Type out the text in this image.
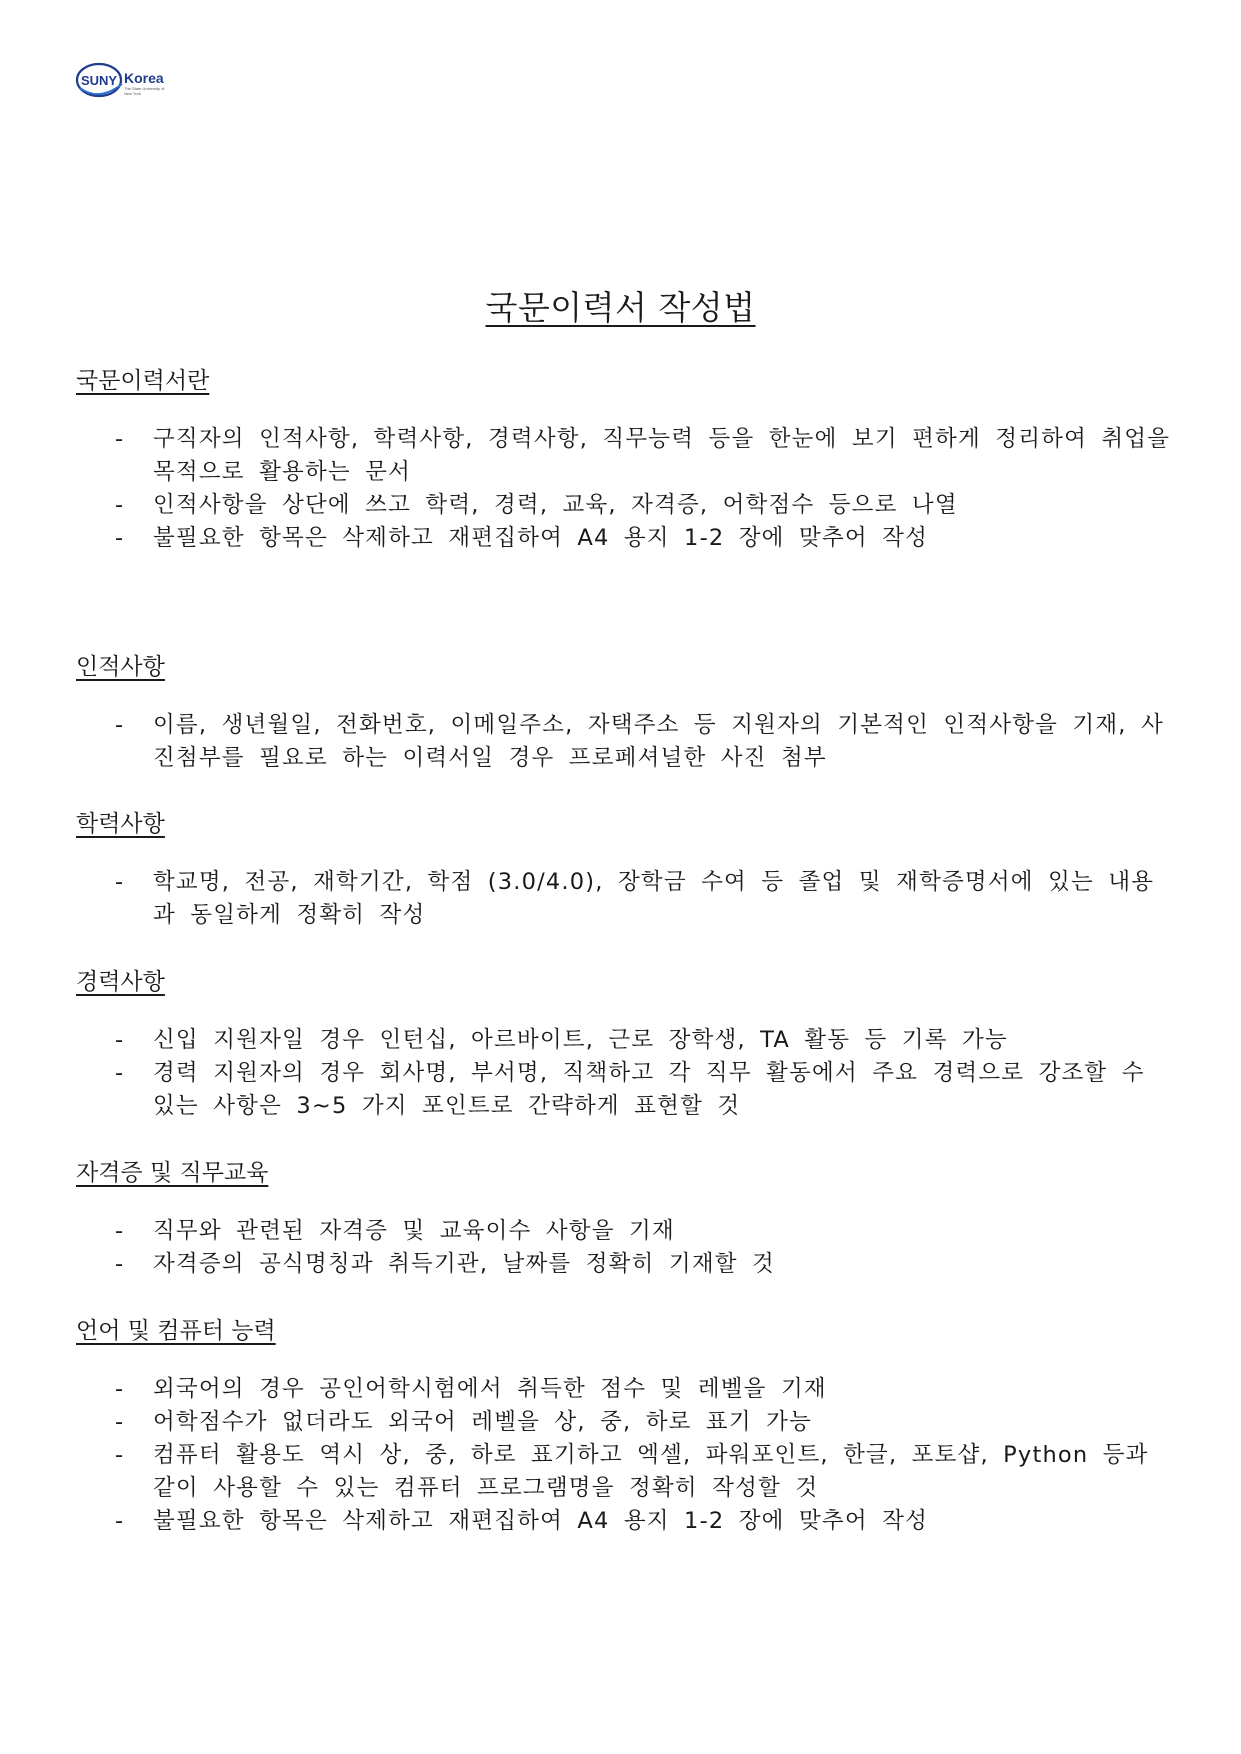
SUNY Korea
The State University of
New York
국문이력서 작성법
국문이력서란
- 구직자의 인적사항, 학력사항, 경력사항, 직무능력 등을 한눈에 보기 편하게 정리하여 취업을 목적으로 활용하는 문서
- 인적사항을 상단에 쓰고 학력, 경력, 교육, 자격증, 어학점수 등으로 나열
- 불필요한 항목은 삭제하고 재편집하여 A4 용지 1-2 장에 맞추어 작성
인적사항
- 이름, 생년월일, 전화번호, 이메일주소, 자택주소 등 지원자의 기본적인 인적사항을 기재, 사진첨부를 필요로 하는 이력서일 경우 프로페셔널한 사진 첨부
학력사항
- 학교명, 전공, 재학기간, 학점 (3.0/4.0), 장학금 수여 등 졸업 및 재학증명서에 있는 내용과 동일하게 정확히 작성
경력사항
- 신입 지원자일 경우 인턴십, 아르바이트, 근로 장학생, TA 활동 등 기록 가능
- 경력 지원자의 경우 회사명, 부서명, 직책하고 각 직무 활동에서 주요 경력으로 강조할 수 있는 사항은 3~5 가지 포인트로 간략하게 표현할 것
자격증 및 직무교육
- 직무와 관련된 자격증 및 교육이수 사항을 기재
- 자격증의 공식명칭과 취득기관, 날짜를 정확히 기재할 것
언어 및 컴퓨터 능력
- 외국어의 경우 공인어학시험에서 취득한 점수 및 레벨을 기재
- 어학점수가 없더라도 외국어 레벨을 상, 중, 하로 표기 가능
- 컴퓨터 활용도 역시 상, 중, 하로 표기하고 엑셀, 파워포인트, 한글, 포토샵, Python 등과 같이 사용할 수 있는 컴퓨터 프로그램명을 정확히 작성할 것
- 불필요한 항목은 삭제하고 재편집하여 A4 용지 1-2 장에 맞추어 작성
